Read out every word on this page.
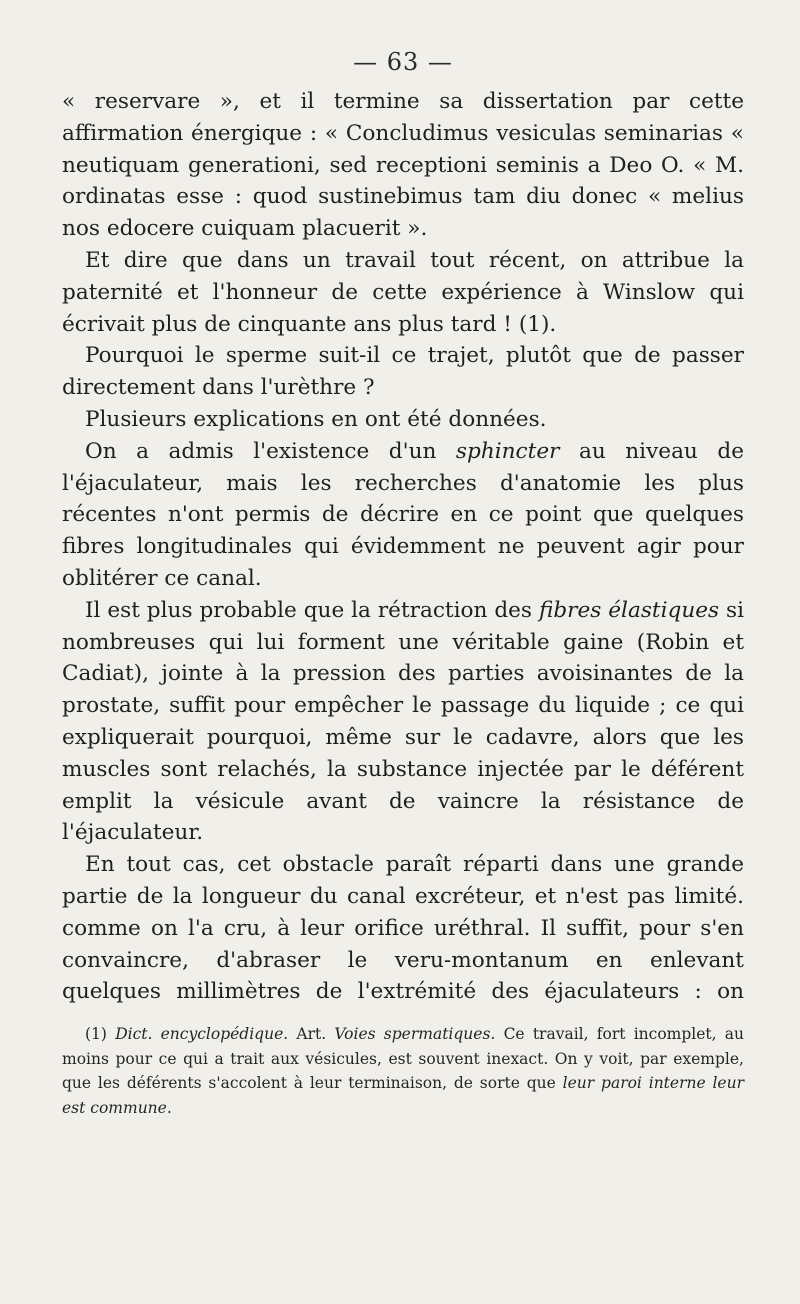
— 63 —

« reservare », et il termine sa dissertation par cette affirmation énergique : « Concludimus vesiculas seminarias « neutiquam generationi, sed receptioni seminis a Deo O. « M. ordinatas esse : quod sustinebimus tam diu donec « melius nos edocere cuiquam placuerit ».

Et dire que dans un travail tout récent, on attribue la paternité et l'honneur de cette expérience à Winslow qui écrivait plus de cinquante ans plus tard ! (1).

Pourquoi le sperme suit-il ce trajet, plutôt que de passer directement dans l'urèthre ?

Plusieurs explications en ont été données.

On a admis l'existence d'un sphincter au niveau de l'éjaculateur, mais les recherches d'anatomie les plus récentes n'ont permis de décrire en ce point que quelques fibres longitudinales qui évidemment ne peuvent agir pour oblitérer ce canal.

Il est plus probable que la rétraction des fibres élastiques si nombreuses qui lui forment une véritable gaine (Robin et Cadiat), jointe à la pression des parties avoisinantes de la prostate, suffit pour empêcher le passage du liquide ; ce qui expliquerait pourquoi, même sur le cadavre, alors que les muscles sont relachés, la substance injectée par le déférent emplit la vésicule avant de vaincre la résistance de l'éjaculateur.

En tout cas, cet obstacle paraît réparti dans une grande partie de la longueur du canal excréteur, et n'est pas limité. comme on l'a cru, à leur orifice uréthral. Il suffit, pour s'en convaincre, d'abraser le veru-montanum en enlevant quelques millimètres de l'extrémité des éjaculateurs : on

(1) Dict. encyclopédique. Art. Voies spermatiques. Ce travail, fort incomplet, au moins pour ce qui a trait aux vésicules, est souvent inexact. On y voit, par exemple, que les déférents s'accolent à leur terminaison, de sorte que leur paroi interne leur est commune.
